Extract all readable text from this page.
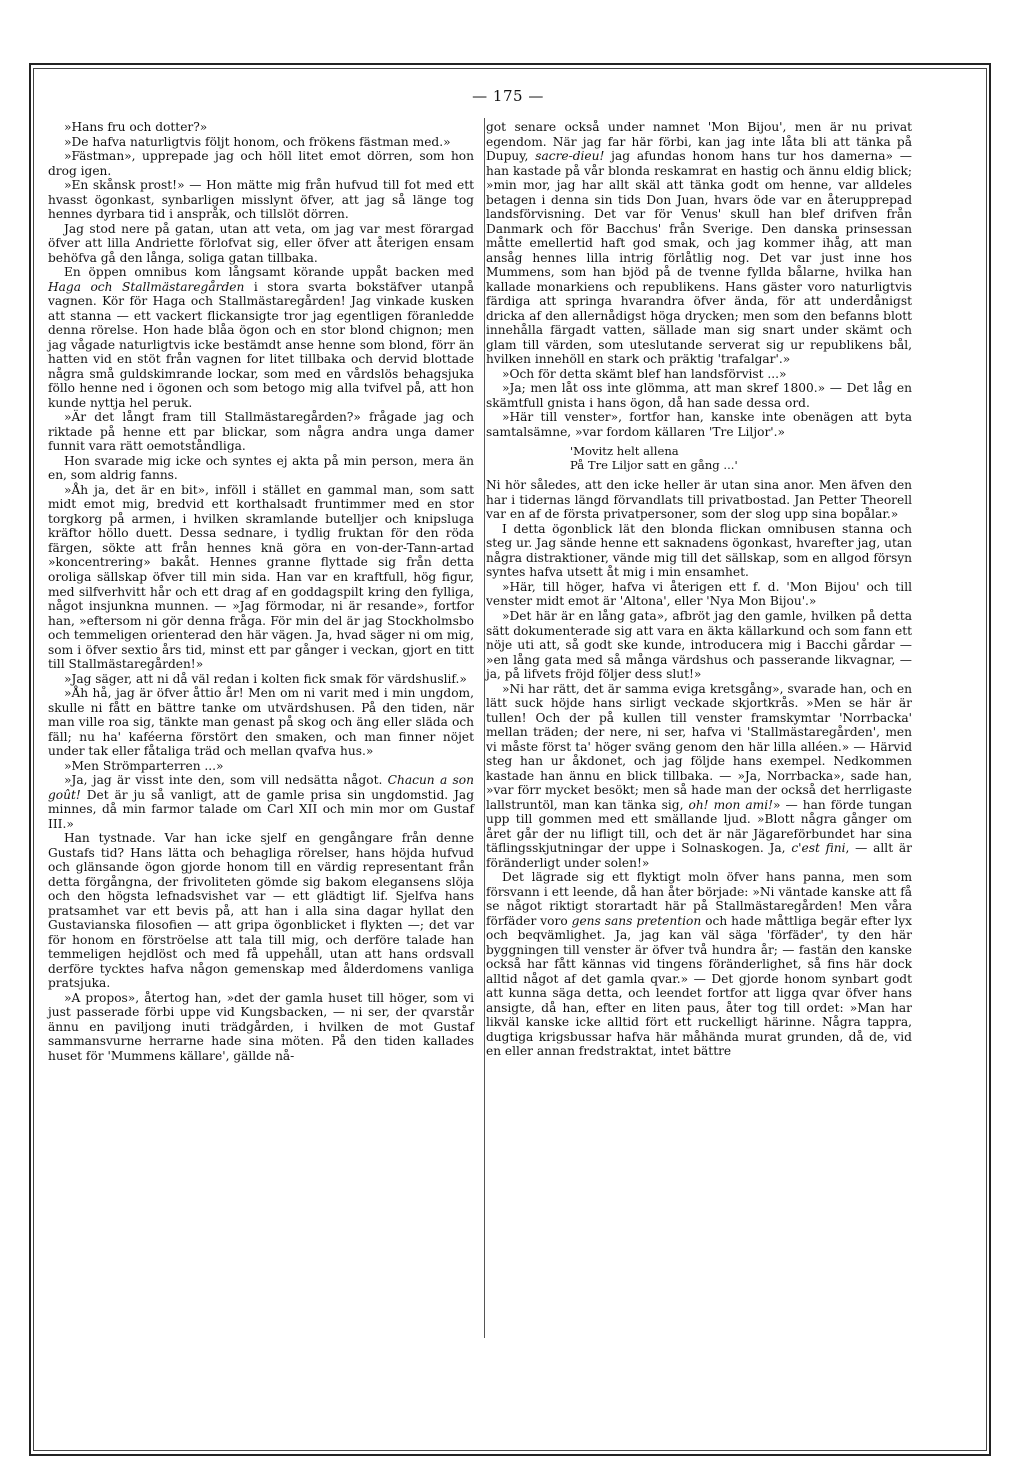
— 175 —

»Hans fru och dotter?»

»De hafva naturligtvis följt honom, och frökens fästman med.»

»Fästman», upprepade jag och höll litet emot dörren, som hon drog igen.

»En skånsk prost!» — Hon mätte mig från hufvud till fot med ett hvasst ögonkast, synbarligen misslynt öfver, att jag så länge tog hennes dyrbara tid i anspråk, och tillslöt dörren.

Jag stod nere på gatan, utan att veta, om jag var mest förargad öfver att lilla Andriette förlofvat sig, eller öfver att återigen ensam behöfva gå den långa, soliga gatan tillbaka.

En öppen omnibus kom långsamt körande uppåt backen med Haga och Stallmästaregården i stora svarta bokstäfver utanpå vagnen. Kör för Haga och Stallmästaregården! Jag vinkade kusken att stanna — ett vackert flickansigte tror jag egentligen föranledde denna rörelse. Hon hade blåa ögon och en stor blond chignon; men jag vågade naturligtvis icke bestämdt anse henne som blond, förr än hatten vid en stöt från vagnen for litet tillbaka och dervid blottade några små guldskimrande lockar, som med en vårdslös behagsjuka föllo henne ned i ögonen och som betogo mig alla tvifvel på, att hon kunde nyttja hel peruk.

»Är det långt fram till Stallmästaregården?» frågade jag och riktade på henne ett par blickar, som några andra unga damer funnit vara rätt oemotståndliga.

Hon svarade mig icke och syntes ej akta på min person, mera än en, som aldrig fanns.

»Åh ja, det är en bit», inföll i stället en gammal man, som satt midt emot mig, bredvid ett korthalsadt fruntimmer med en stor torgkorg på armen, i hvilken skramlande butelljer och knipsluga kräftor höllo duett. Dessa sednare, i tydlig fruktan för den röda färgen, sökte att från hennes knä göra en von-der-Tann-artad »koncentrering» bakåt. Hennes granne flyttade sig från detta oroliga sällskap öfver till min sida. Han var en kraftfull, hög figur, med silfverhvitt hår och ett drag af en goddagspilt kring den fylliga, något insjunkna munnen. — »Jag förmodar, ni är resande», fortfor han, »eftersom ni gör denna fråga. För min del är jag Stockholmsbo och temmeligen orienterad den här vägen. Ja, hvad säger ni om mig, som i öfver sextio års tid, minst ett par gånger i veckan, gjort en titt till Stallmästaregården!»

»Jag säger, att ni då väl redan i kolten fick smak för värdshuslif.»

»Åh hå, jag är öfver åttio år! Men om ni varit med i min ungdom, skulle ni fått en bättre tanke om utvärdshusen. På den tiden, när man ville roa sig, tänkte man genast på skog och äng eller släda och fäll; nu ha' kaféerna förstört den smaken, och man finner nöjet under tak eller fåtaliga träd och mellan qvafva hus.»

»Men Strömparterren ...»

»Ja, jag är visst inte den, som vill nedsätta något. Chacun a son goût! Det är ju så vanligt, att de gamle prisa sin ungdomstid. Jag minnes, då min farmor talade om Carl XII och min mor om Gustaf III.»

Han tystnade. Var han icke sjelf en gengångare från denne Gustafs tid? Hans lätta och behagliga rörelser, hans höjda hufvud och glänsande ögon gjorde honom till en värdig representant från detta förgångna, der frivoliteten gömde sig bakom elegansens slöja och den högsta lefnadsvishet var — ett glädtigt lif. Sjelfva hans pratsamhet var ett bevis på, att han i alla sina dagar hyllat den Gustavianska filosofien — att gripa ögonblicket i flykten —; det var för honom en förströelse att tala till mig, och derföre talade han temmeligen hejdlöst och med få uppehåll, utan att hans ordsvall derföre tycktes hafva någon gemenskap med ålderdomens vanliga pratsjuka.

»A propos», återtog han, »det der gamla huset till höger, som vi just passerade förbi uppe vid Kungsbacken, — ni ser, der qvarstår ännu en paviljong inuti trädgården, i hvilken de mot Gustaf sammansvurne herrarne hade sina möten. På den tiden kallades huset för 'Mummens källare', gällde nå-

got senare också under namnet 'Mon Bijou', men är nu privat egendom. När jag far här förbi, kan jag inte låta bli att tänka på Dupuy, sacre-dieu! jag afundas honom hans tur hos damerna» — han kastade på vår blonda reskamrat en hastig och ännu eldig blick; »min mor, jag har allt skäl att tänka godt om henne, var alldeles betagen i denna sin tids Don Juan, hvars öde var en återupprepad landsförvisning. Det var för Venus' skull han blef drifven från Danmark och för Bacchus' från Sverige. Den danska prinsessan måtte emellertid haft god smak, och jag kommer ihåg, att man ansåg hennes lilla intrig förlåtlig nog. Det var just inne hos Mummens, som han bjöd på de tvenne fyllda bålarne, hvilka han kallade monarkiens och republikens. Hans gäster voro naturligtvis färdiga att springa hvarandra öfver ända, för att underdånigst dricka af den allernådigst höga drycken; men som den befanns blott innehålla färgadt vatten, sällade man sig snart under skämt och glam till värden, som uteslutande serverat sig ur republikens bål, hvilken innehöll en stark och präktig 'trafalgar'.»

»Och för detta skämt blef han landsförvist ...»

»Ja; men låt oss inte glömma, att man skref 1800.» — Det låg en skämtfull gnista i hans ögon, då han sade dessa ord.

»Här till venster», fortfor han, kanske inte obenägen att byta samtalsämne, »var fordom källaren 'Tre Liljor'.»

'Movitz helt allena
På Tre Liljor satt en gång ...'

Ni hör således, att den icke heller är utan sina anor. Men äfven den har i tidernas längd förvandlats till privatbostad. Jan Petter Theorell var en af de första privatpersoner, som der slog upp sina bopålar.»

I detta ögonblick lät den blonda flickan omnibusen stanna och steg ur. Jag sände henne ett saknadens ögonkast, hvarefter jag, utan några distraktioner, vände mig till det sällskap, som en allgod försyn syntes hafva utsett åt mig i min ensamhet.

»Här, till höger, hafva vi återigen ett f. d. 'Mon Bijou' och till venster midt emot är 'Altona', eller 'Nya Mon Bijou'.»

»Det här är en lång gata», afbröt jag den gamle, hvilken på detta sätt dokumenterade sig att vara en äkta källarkund och som fann ett nöje uti att, så godt ske kunde, introducera mig i Bacchi gårdar — »en lång gata med så många värdshus och passerande likvagnar, — ja, på lifvets fröjd följer dess slut!»

»Ni har rätt, det är samma eviga kretsgång», svarade han, och en lätt suck höjde hans sirligt veckade skjortkrås. »Men se här är tullen! Och der på kullen till venster framskymtar 'Norrbacka' mellan träden; der nere, ni ser, hafva vi 'Stallmästaregården', men vi måste först ta' höger sväng genom den här lilla alléen.» — Härvid steg han ur åkdonet, och jag följde hans exempel. Nedkommen kastade han ännu en blick tillbaka. — »Ja, Norrbacka», sade han, »var förr mycket besökt; men så hade man der också det herrligaste lallstruntöl, man kan tänka sig, oh! mon ami!» — han förde tungan upp till gommen med ett smällande ljud. »Blott några gånger om året går der nu lifligt till, och det är när Jägareförbundet har sina täflingsskjutningar der uppe i Solnaskogen. Ja, c'est fini, — allt är föränderligt under solen!»

Det lägrade sig ett flyktigt moln öfver hans panna, men som försvann i ett leende, då han åter började: »Ni väntade kanske att få se något riktigt storartadt här på Stallmästaregården! Men våra förfäder voro gens sans pretention och hade måttliga begär efter lyx och beqvämlighet. Ja, jag kan väl säga 'förfäder', ty den här byggningen till venster är öfver två hundra år; — fastän den kanske också har fått kännas vid tingens föränderlighet, så fins här dock alltid något af det gamla qvar.» — Det gjorde honom synbart godt att kunna säga detta, och leendet fortfor att ligga qvar öfver hans ansigte, då han, efter en liten paus, åter tog till ordet: »Man har likväl kanske icke alltid fört ett ruckelligt härinne. Några tappra, dugtiga krigsbussar hafva här måhända murat grunden, då de, vid en eller annan fredstraktat, intet bättre
